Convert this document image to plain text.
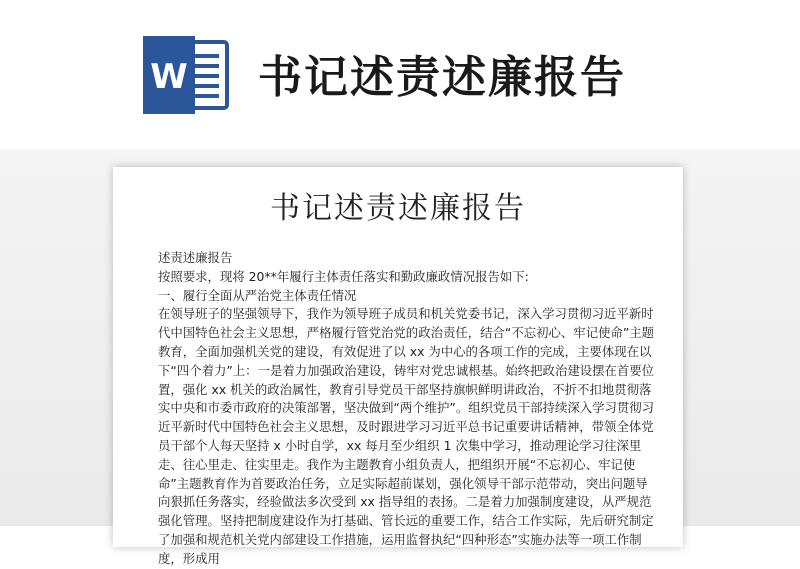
W 书记述责述廉报告
书记述责述廉报告

述责述廉报告

按照要求，现将 20**年履行主体责任落实和勤政廉政情况报告如下:

一、履行全面从严治党主体责任情况

在领导班子的坚强领导下，我作为领导班子成员和机关党委书记，深入学习贯彻习近平新时代中国特色社会主义思想，严格履行管党治党的政治责任，结合“不忘初心、牢记使命”主题教育，全面加强机关党的建设，有效促进了以 xx 为中心的各项工作的完成，主要体现在以下“四个着力”上：一是着力加强政治建设，铸牢对党忠诚根基。始终把政治建设摆在首要位置，强化 xx 机关的政治属性，教育引导党员干部坚持旗帜鲜明讲政治，不折不扣地贯彻落实中央和市委市政府的决策部署，坚决做到“两个维护”。组织党员干部持续深入学习贯彻习近平新时代中国特色社会主义思想，及时跟进学习习近平总书记重要讲话精神，带领全体党员干部个人每天坚持 x 小时自学，xx 每月至少组织 1 次集中学习，推动理论学习往深里走、往心里走、往实里走。我作为主题教育小组负责人，把组织开展“不忘初心、牢记使命”主题教育作为首要政治任务，立足实际超前谋划，强化领导干部示范带动，突出问题导向狠抓任务落实，经验做法多次受到 xx 指导组的表扬。二是着力加强制度建设，从严规范强化管理。坚持把制度建设作为打基础、管长远的重要工作，结合工作实际，先后研究制定了加强和规范机关党内部建设工作措施，运用监督执纪“四种形态”实施办法等一项工作制度，形成用
